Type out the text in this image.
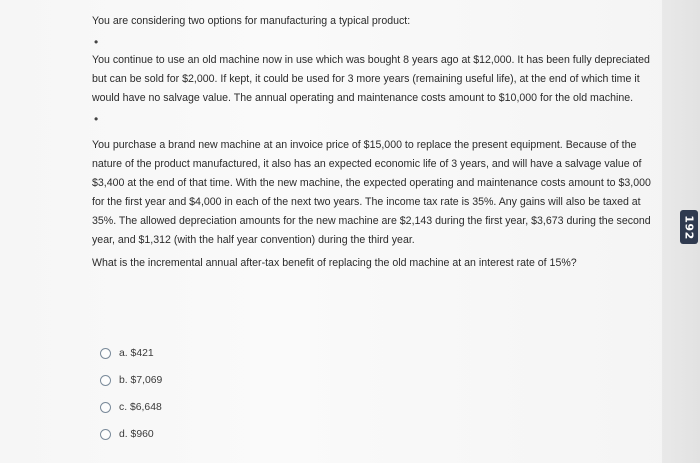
You are considering two options for manufacturing a typical product:

•

You continue to use an old machine now in use which was bought 8 years ago at $12,000. It has been fully depreciated but can be sold for $2,000. If kept, it could be used for 3 more years (remaining useful life), at the end of which time it would have no salvage value. The annual operating and maintenance costs amount to $10,000 for the old machine.

•

You purchase a brand new machine at an invoice price of $15,000 to replace the present equipment. Because of the nature of the product manufactured, it also has an expected economic life of 3 years, and will have a salvage value of $3,400 at the end of that time. With the new machine, the expected operating and maintenance costs amount to $3,000 for the first year and $4,000 in each of the next two years. The income tax rate is 35%. Any gains will also be taxed at 35%. The allowed depreciation amounts for the new machine are $2,143 during the first year, $3,673 during the second year, and $1,312 (with the half year convention) during the third year.

What is the incremental annual after-tax benefit of replacing the old machine at an interest rate of 15%?

a. $421
b. $7,069
c. $6,648
d. $960
192
